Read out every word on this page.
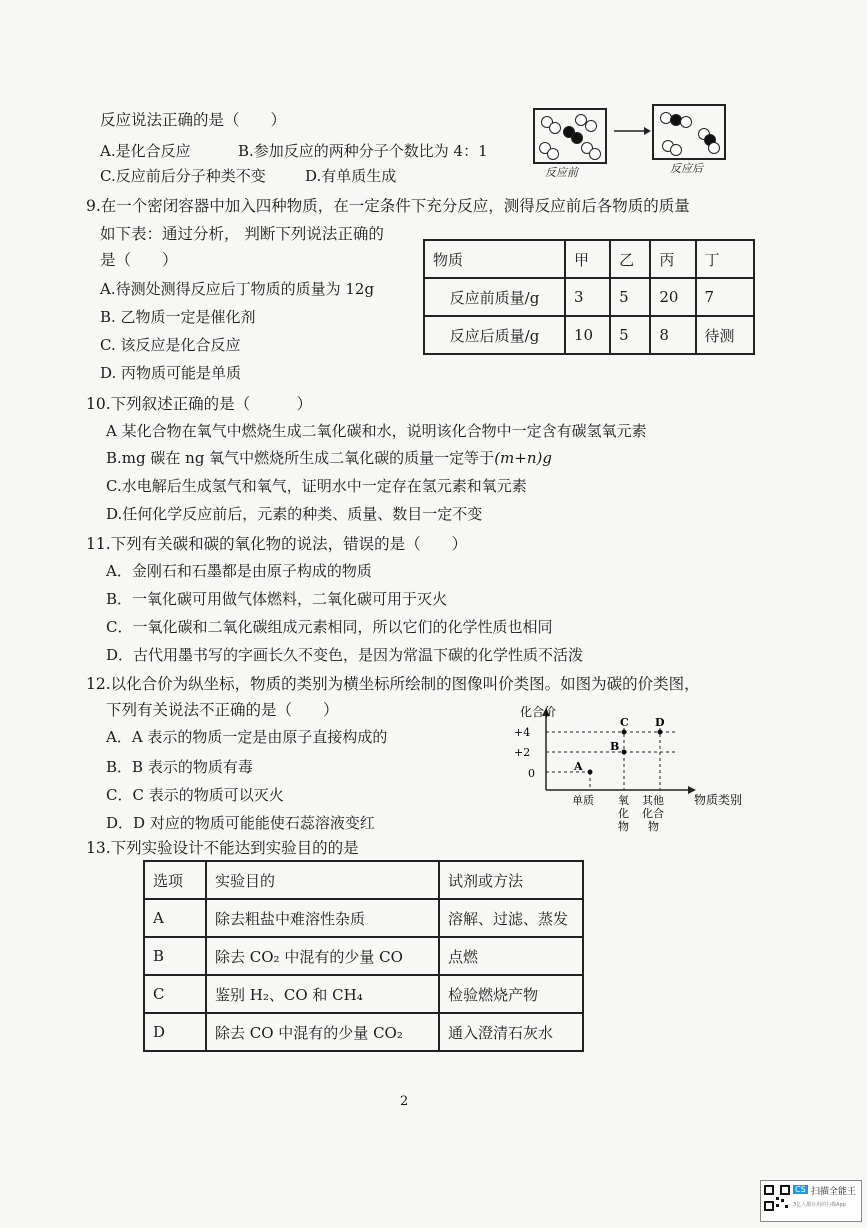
反应说法正确的是（　　）
A.是化合反应	B.参加反应的两种分子个数比为 4：1
C.反应前后分子种类不变	D.有单质生成	反应前	反应后
9.在一个密闭容器中加入四种物质，在一定条件下充分反应，测得反应前后各物质的质量
如下表：通过分析， 判断下列说法正确的
是（　　）
A.待测处测得反应后丁物质的质量为 12g
B. 乙物质一定是催化剂
C. 该反应是化合反应
D. 丙物质可能是单质
物质	甲	乙	丙	丁
反应前质量/g	3	5	20	7
反应后质量/g	10	5	8	待测
10.下列叙述正确的是（　　　）
A 某化合物在氧气中燃烧生成二氧化碳和水，说明该化合物中一定含有碳氢氧元素
B.mg 碳在 ng 氧气中燃烧所生成二氧化碳的质量一定等于(m+n)g
C.水电解后生成氢气和氧气，证明水中一定存在氢元素和氧元素
D.任何化学反应前后，元素的种类、质量、数目一定不变
11.下列有关碳和碳的氧化物的说法，错误的是（　　）
A．金刚石和石墨都是由原子构成的物质
B．一氧化碳可用做气体燃料，二氧化碳可用于灭火
C．一氧化碳和二氧化碳组成元素相同，所以它们的化学性质也相同
D．古代用墨书写的字画长久不变色，是因为常温下碳的化学性质不活泼
12.以化合价为纵坐标，物质的类别为横坐标所绘制的图像叫价类图。如图为碳的价类图，
下列有关说法不正确的是（　　）
A．A 表示的物质一定是由原子直接构成的
B．B 表示的物质有毒
C．C 表示的物质可以灭火
D．D 对应的物质可能能使石蕊溶液变红
化合价
物质类别
+4
+2
0
A
B
C D
单质 氧化物
其他化合物
13.下列实验设计不能达到实验目的的是
选项	实验目的	试剂或方法
A	除去粗盐中难溶性杂质	溶解、过滤、蒸发
B	除去 CO₂ 中混有的少量 CO	点燃
C	鉴别 H₂、CO 和 CH₄	检验燃烧产物
D	除去 CO 中混有的少量 CO₂	通入澄清石灰水
2
CS 扫描全能王
3亿人都在用的扫描App
